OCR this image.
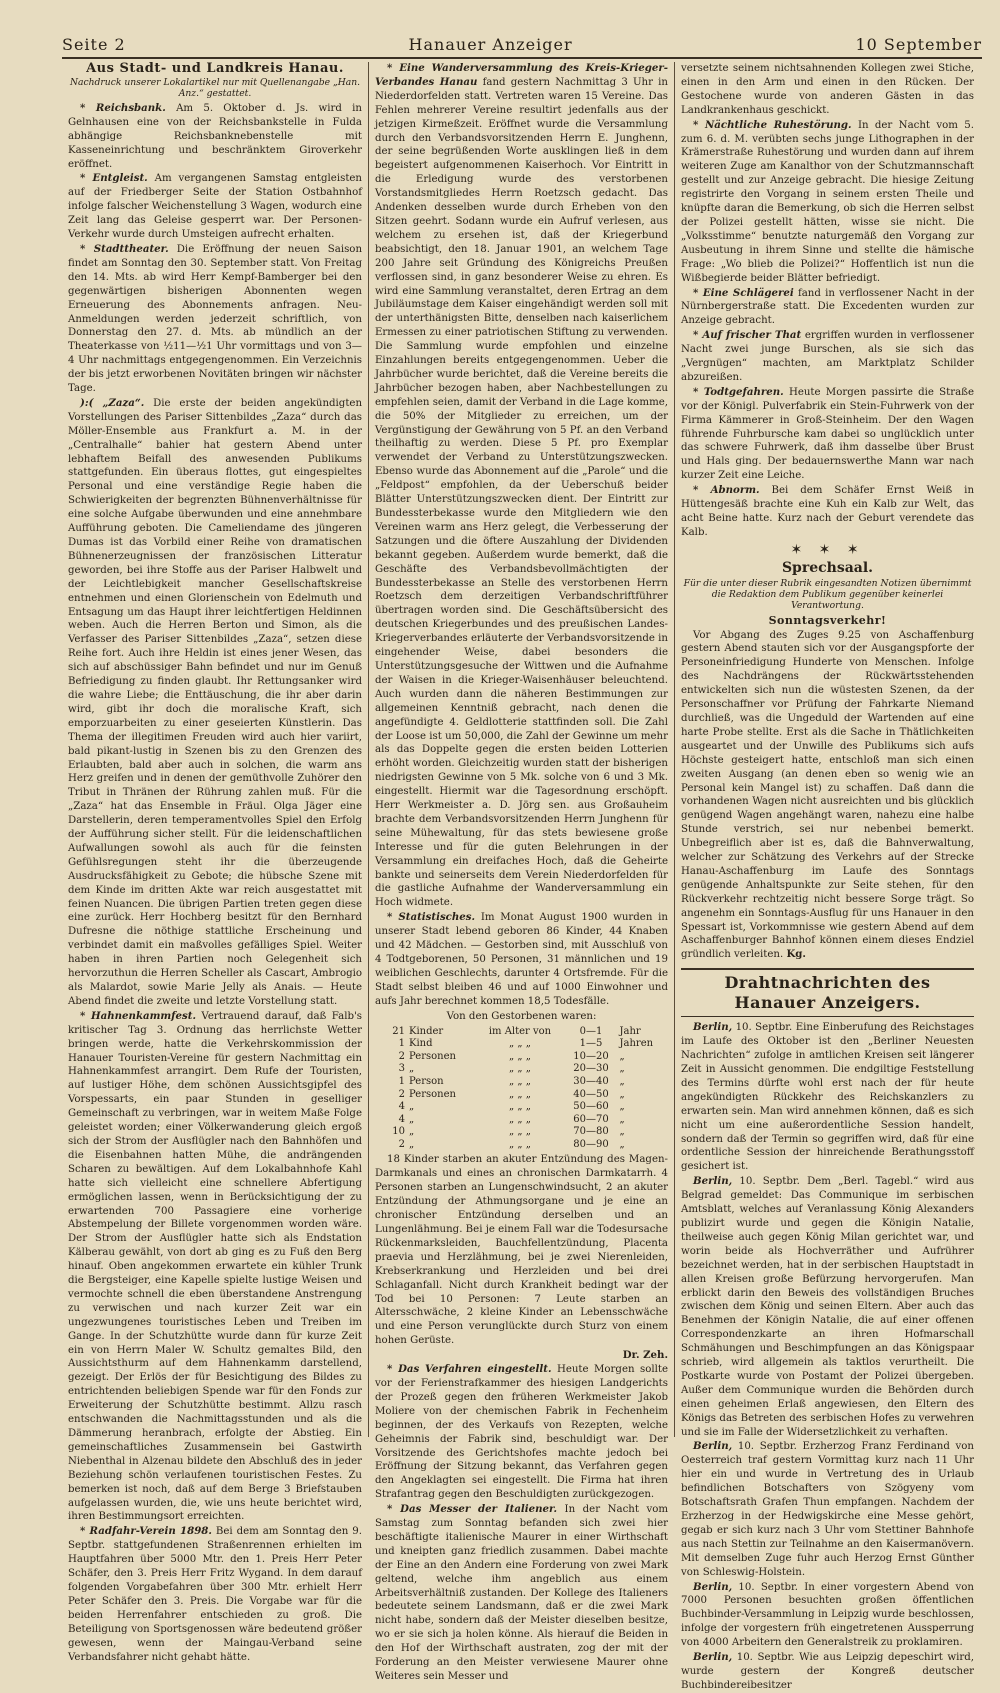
Seite 2	Hanauer Anzeiger	10 September
Aus Stadt- und Landkreis Hanau.
Nachdruck unserer Lokalartikel nur mit Quellenangabe „Han. Anz.“ gestattet.

* Reichsbank. Am 5. Oktober d. Js. wird in Gelnhausen eine von der Reichsbankstelle in Fulda abhängige Reichsbanknebenstelle mit Kasseneinrichtung und beschränktem Giroverkehr eröffnet.

* Entgleist. Am vergangenen Samstag entgleisten auf der Friedberger Seite der Station Ostbahnhof infolge falscher Weichenstellung 3 Wagen, wodurch eine Zeit lang das Geleise gesperrt war. Der Personen-Verkehr wurde durch Umsteigen aufrecht erhalten.

* Stadttheater. Die Eröffnung der neuen Saison findet am Sonntag den 30. September statt. Von Freitag den 14. Mts. ab wird Herr Kempf-Bamberger bei den gegenwärtigen bisherigen Abonnenten wegen Erneuerung des Abonnements anfragen. Neu-Anmeldungen werden jederzeit schriftlich, von Donnerstag den 27. d. Mts. ab mündlich an der Theaterkasse von ½11—½1 Uhr vormittags und von 3—4 Uhr nachmittags entgegengenommen. Ein Verzeichnis der bis jetzt erworbenen Novitäten bringen wir nächster Tage.

):( „Zaza“. Die erste der beiden angekündigten Vorstellungen des Pariser Sittenbildes „Zaza“ durch das Möller-Ensemble aus Frankfurt a. M. in der „Centralhalle“ bahier hat gestern Abend unter lebhaftem Beifall des anwesenden Publikums stattgefunden. Ein überaus flottes, gut eingespieltes Personal und eine verständige Regie haben die Schwierigkeiten der begrenzten Bühnenverhältnisse für eine solche Aufgabe überwunden und eine annehmbare Aufführung geboten. Die Cameliendame des jüngeren Dumas ist das Vorbild einer Reihe von dramatischen Bühnenerzeugnissen der französischen Litteratur geworden, bei ihre Stoffe aus der Pariser Halbwelt und der Leichtlebigkeit mancher Gesellschaftskreise entnehmen und einen Glorienschein von Edelmuth und Entsagung um das Haupt ihrer leichtfertigen Heldinnen weben. Auch die Herren Berton und Simon, als die Verfasser des Pariser Sittenbildes „Zaza“, setzen diese Reihe fort. Auch ihre Heldin ist eines jener Wesen, das sich auf abschüssiger Bahn befindet und nur im Genuß Befriedigung zu finden glaubt. Ihr Rettungsanker wird die wahre Liebe; die Enttäuschung, die ihr aber darin wird, gibt ihr doch die moralische Kraft, sich emporzuarbeiten zu einer geseierten Künstlerin. Das Thema der illegitimen Freuden wird auch hier variirt, bald pikant-lustig in Szenen bis zu den Grenzen des Erlaubten, bald aber auch in solchen, die warm ans Herz greifen und in denen der gemüthvolle Zuhörer den Tribut in Thränen der Rührung zahlen muß. Für die „Zaza“ hat das Ensemble in Fräul. Olga Jäger eine Darstellerin, deren temperamentvolles Spiel den Erfolg der Aufführung sicher stellt. Für die leidenschaftlichen Aufwallungen sowohl als auch für die feinsten Gefühlsregungen steht ihr die überzeugende Ausdrucksfähigkeit zu Gebote; die hübsche Szene mit dem Kinde im dritten Akte war reich ausgestattet mit feinen Nuancen. Die übrigen Partien treten gegen diese eine zurück. Herr Hochberg besitzt für den Bernhard Dufresne die nöthige stattliche Erscheinung und verbindet damit ein maßvolles gefälliges Spiel. Weiter haben in ihren Partien noch Gelegenheit sich hervorzuthun die Herren Scheller als Cascart, Ambrogio als Malardot, sowie Marie Jelly als Anais. — Heute Abend findet die zweite und letzte Vorstellung statt.

* Hahnenkammfest. Vertrauend darauf, daß Falb's kritischer Tag 3. Ordnung das herrlichste Wetter bringen werde, hatte die Verkehrskommission der Hanauer Touristen-Vereine für gestern Nachmittag ein Hahnenkammfest arrangirt. Dem Rufe der Touristen, auf lustiger Höhe, dem schönen Aussichtsgipfel des Vorspessarts, ein paar Stunden in geselliger Gemeinschaft zu verbringen, war in weitem Maße Folge geleistet worden; einer Völkerwanderung gleich ergoß sich der Strom der Ausflügler nach den Bahnhöfen und die Eisenbahnen hatten Mühe, die andrängenden Scharen zu bewältigen. Auf dem Lokalbahnhofe Kahl hatte sich vielleicht eine schnellere Abfertigung ermöglichen lassen, wenn in Berücksichtigung der zu erwartenden 700 Passagiere eine vorherige Abstempelung der Billete vorgenommen worden wäre. Der Strom der Ausflügler hatte sich als Endstation Kälberau gewählt, von dort ab ging es zu Fuß den Berg hinauf. Oben angekommen erwartete ein kühler Trunk die Bergsteiger, eine Kapelle spielte lustige Weisen und vermochte schnell die eben überstandene Anstrengung zu verwischen und nach kurzer Zeit war ein ungezwungenes touristisches Leben und Treiben im Gange. In der Schutzhütte wurde dann für kurze Zeit ein von Herrn Maler W. Schultz gemaltes Bild, den Aussichtsthurm auf dem Hahnenkamm darstellend, gezeigt. Der Erlös der für Besichtigung des Bildes zu entrichtenden beliebigen Spende war für den Fonds zur Erweiterung der Schutzhütte bestimmt. Allzu rasch entschwanden die Nachmittagsstunden und als die Dämmerung heranbrach, erfolgte der Abstieg. Ein gemeinschaftliches Zusammensein bei Gastwirth Niebenthal in Alzenau bildete den Abschluß des in jeder Beziehung schön verlaufenen touristischen Festes. Zu bemerken ist noch, daß auf dem Berge 3 Briefstauben aufgelassen wurden, die, wie uns heute berichtet wird, ihren Bestimmungsort erreichten.

* Radfahr-Verein 1898. Bei dem am Sonntag den 9. Septbr. stattgefundenen Straßenrennen erhielten im Hauptfahren über 5000 Mtr. den 1. Preis Herr Peter Schäfer, den 3. Preis Herr Fritz Wygand. In dem darauf folgenden Vorgabefahren über 300 Mtr. erhielt Herr Peter Schäfer den 3. Preis. Die Vorgabe war für die beiden Herrenfahrer entschieden zu groß. Die Beteiligung von Sportsgenossen wäre bedeutend größer gewesen, wenn der Maingau-Verband seine Verbandsfahrer nicht gehabt hätte.

* Eine Wanderversammlung des Kreis-Krieger-Verbandes Hanau fand gestern Nachmittag 3 Uhr in Niederdorfelden statt. Vertreten waren 15 Vereine. Das Fehlen mehrerer Vereine resultirt jedenfalls aus der jetzigen Kirmeßzeit. Eröffnet wurde die Versammlung durch den Verbandsvorsitzenden Herrn E. Junghenn, der seine begrüßenden Worte ausklingen ließ in dem begeistert aufgenommenen Kaiserhoch. Vor Eintritt in die Erledigung wurde des verstorbenen Vorstandsmitgliedes Herrn Roetzsch gedacht. Das Andenken desselben wurde durch Erheben von den Sitzen geehrt. Sodann wurde ein Aufruf verlesen, aus welchem zu ersehen ist, daß der Kriegerbund beabsichtigt, den 18. Januar 1901, an welchem Tage 200 Jahre seit Gründung des Königreichs Preußen verflossen sind, in ganz besonderer Weise zu ehren. Es wird eine Sammlung veranstaltet, deren Ertrag an dem Jubiläumstage dem Kaiser eingehändigt werden soll mit der unterthänigsten Bitte, denselben nach kaiserlichem Ermessen zu einer patriotischen Stiftung zu verwenden. Die Sammlung wurde empfohlen und einzelne Einzahlungen bereits entgegengenommen. Ueber die Jahrbücher wurde berichtet, daß die Vereine bereits die Jahrbücher bezogen haben, aber Nachbestellungen zu empfehlen seien, damit der Verband in die Lage komme, die 50% der Mitglieder zu erreichen, um der Vergünstigung der Gewährung von 5 Pf. an den Verband theilhaftig zu werden. Diese 5 Pf. pro Exemplar verwendet der Verband zu Unterstützungszwecken. Ebenso wurde das Abonnement auf die „Parole“ und die „Feldpost“ empfohlen, da der Ueberschuß beider Blätter Unterstützungszwecken dient. Der Eintritt zur Bundessterbekasse wurde den Mitgliedern wie den Vereinen warm ans Herz gelegt, die Verbesserung der Satzungen und die öftere Auszahlung der Dividenden bekannt gegeben. Außerdem wurde bemerkt, daß die Geschäfte des Verbandsbevollmächtigten der Bundessterbekasse an Stelle des verstorbenen Herrn Roetzsch dem derzeitigen Verbandschriftführer übertragen worden sind. Die Geschäftsübersicht des deutschen Kriegerbundes und des preußischen Landes-Kriegerverbandes erläuterte der Verbandsvorsitzende in eingehender Weise, dabei besonders die Unterstützungsgesuche der Wittwen und die Aufnahme der Waisen in die Krieger-Waisenhäuser beleuchtend. Auch wurden dann die näheren Bestimmungen zur allgemeinen Kenntniß gebracht, nach denen die angefündigte 4. Geldlotterie stattfinden soll. Die Zahl der Loose ist um 50,000, die Zahl der Gewinne um mehr als das Doppelte gegen die ersten beiden Lotterien erhöht worden. Gleichzeitig wurden statt der bisherigen niedrigsten Gewinne von 5 Mk. solche von 6 und 3 Mk. eingestellt. Hiermit war die Tagesordnung erschöpft. Herr Werkmeister a. D. Jörg sen. aus Großauheim brachte dem Verbandsvorsitzenden Herrn Junghenn für seine Mühewaltung, für das stets bewiesene große Interesse und für die guten Belehrungen in der Versammlung ein dreifaches Hoch, daß die Geheirte bankte und seinerseits dem Verein Niederdorfelden für die gastliche Aufnahme der Wanderversammlung ein Hoch widmete.

* Statistisches. Im Monat August 1900 wurden in unserer Stadt lebend geboren 86 Kinder, 44 Knaben und 42 Mädchen. — Gestorben sind, mit Ausschluß von 4 Todtgeborenen, 50 Personen, 31 männlichen und 19 weiblichen Geschlechts, darunter 4 Ortsfremde. Für die Stadt selbst bleiben 46 und auf 1000 Einwohner und aufs Jahr berechnet kommen 18,5 Todesfälle.

Von den Gestorbenen waren:
21	Kinder	im Alter von	0—1	Jahr
1	Kind	„ „ „	1—5	Jahren
2	Personen	„ „ „	10—20	„
3	„	„ „ „	20—30	„
1	Person	„ „ „	30—40	„
2	Personen	„ „ „	40—50	„
4	„	„ „ „	50—60	„
4	„	„ „ „	60—70	„
10	„	„ „ „	70—80	„
2	„	„ „ „	80—90	„

18 Kinder starben an akuter Entzündung des Magen-Darmkanals und eines an chronischen Darmkatarrh. 4 Personen starben an Lungenschwindsucht, 2 an akuter Entzündung der Athmungsorgane und je eine an chronischer Entzündung derselben und an Lungenlähmung. Bei je einem Fall war die Todesursache Rückenmarksleiden, Bauchfellentzündung, Placenta praevia und Herzlähmung, bei je zwei Nierenleiden, Krebserkrankung und Herzleiden und bei drei Schlaganfall. Nicht durch Krankheit bedingt war der Tod bei 10 Personen: 7 Leute starben an Altersschwäche, 2 kleine Kinder an Lebensschwäche und eine Person verunglückte durch Sturz von einem hohen Gerüste.

Dr. Zeh.

* Das Verfahren eingestellt. Heute Morgen sollte vor der Ferienstrafkammer des hiesigen Landgerichts der Prozeß gegen den früheren Werkmeister Jakob Moliere von der chemischen Fabrik in Fechenheim beginnen, der des Verkaufs von Rezepten, welche Geheimnis der Fabrik sind, beschuldigt war. Der Vorsitzende des Gerichtshofes machte jedoch bei Eröffnung der Sitzung bekannt, das Verfahren gegen den Angeklagten sei eingestellt. Die Firma hat ihren Strafantrag gegen den Beschuldigten zurückgezogen.

* Das Messer der Italiener. In der Nacht vom Samstag zum Sonntag befanden sich zwei hier beschäftigte italienische Maurer in einer Wirthschaft und kneipten ganz friedlich zusammen. Dabei machte der Eine an den Andern eine Forderung von zwei Mark geltend, welche ihm angeblich aus einem Arbeitsverhältniß zustanden. Der Kollege des Italieners bedeutete seinem Landsmann, daß er die zwei Mark nicht habe, sondern daß der Meister dieselben besitze, wo er sie sich ja holen könne. Als hierauf die Beiden in den Hof der Wirthschaft austraten, zog der mit der Forderung an den Meister verwiesene Maurer ohne Weiteres sein Messer und

versetzte seinem nichtsahnenden Kollegen zwei Stiche, einen in den Arm und einen in den Rücken. Der Gestochene wurde von anderen Gästen in das Landkrankenhaus geschickt.

* Nächtliche Ruhestörung. In der Nacht vom 5. zum 6. d. M. verübten sechs junge Lithographen in der Krämerstraße Ruhestörung und wurden dann auf ihrem weiteren Zuge am Kanalthor von der Schutzmannschaft gestellt und zur Anzeige gebracht. Die hiesige Zeitung registrirte den Vorgang in seinem ersten Theile und knüpfte daran die Bemerkung, ob sich die Herren selbst der Polizei gestellt hätten, wisse sie nicht. Die „Volksstimme“ benutzte naturgemäß den Vorgang zur Ausbeutung in ihrem Sinne und stellte die hämische Frage: „Wo blieb die Polizei?“ Hoffentlich ist nun die Wißbegierde beider Blätter befriedigt.

* Eine Schlägerei fand in verflossener Nacht in der Nürnbergerstraße statt. Die Excedenten wurden zur Anzeige gebracht.

* Auf frischer That ergriffen wurden in verflossener Nacht zwei junge Burschen, als sie sich das „Vergnügen“ machten, am Marktplatz Schilder abzureißen.

* Todtgefahren. Heute Morgen passirte die Straße vor der Königl. Pulverfabrik ein Stein-Fuhrwerk von der Firma Kämmerer in Groß-Steinheim. Der den Wagen führende Fuhrbursche kam dabei so unglücklich unter das schwere Fuhrwerk, daß ihm dasselbe über Brust und Hals ging. Der bedauernswerthe Mann war nach kurzer Zeit eine Leiche.

* Abnorm. Bei dem Schäfer Ernst Weiß in Hüttengesäß brachte eine Kuh ein Kalb zur Welt, das acht Beine hatte. Kurz nach der Geburt verendete das Kalb.

✶ ✶ ✶
Sprechsaal.
Für die unter dieser Rubrik eingesandten Notizen übernimmt die Redaktion dem Publikum gegenüber keinerlei Verantwortung.
Sonntagsverkehr!

Vor Abgang des Zuges 9.25 von Aschaffenburg gestern Abend stauten sich vor der Ausgangspforte der Personeinfriedigung Hunderte von Menschen. Infolge des Nachdrängens der Rückwärtsstehenden entwickelten sich nun die wüstesten Szenen, da der Personschaffner vor Prüfung der Fahrkarte Niemand durchließ, was die Ungeduld der Wartenden auf eine harte Probe stellte. Erst als die Sache in Thätlichkeiten ausgeartet und der Unwille des Publikums sich aufs Höchste gesteigert hatte, entschloß man sich einen zweiten Ausgang (an denen eben so wenig wie an Personal kein Mangel ist) zu schaffen. Daß dann die vorhandenen Wagen nicht ausreichten und bis glücklich genügend Wagen angehängt waren, nahezu eine halbe Stunde verstrich, sei nur nebenbei bemerkt. Unbegreiflich aber ist es, daß die Bahnverwaltung, welcher zur Schätzung des Verkehrs auf der Strecke Hanau-Aschaffenburg im Laufe des Sonntags genügende Anhaltspunkte zur Seite stehen, für den Rückverkehr rechtzeitig nicht bessere Sorge trägt. So angenehm ein Sonntags-Ausflug für uns Hanauer in den Spessart ist, Vorkommnisse wie gestern Abend auf dem Aschaffenburger Bahnhof können einem dieses Endziel gründlich verleiten. Kg.

Drahtnachrichten des Hanauer Anzeigers.

Berlin, 10. Septbr. Eine Einberufung des Reichstages im Laufe des Oktober ist den „Berliner Neuesten Nachrichten“ zufolge in amtlichen Kreisen seit längerer Zeit in Aussicht genommen. Die endgiltige Feststellung des Termins dürfte wohl erst nach der für heute angekündigten Rückkehr des Reichskanzlers zu erwarten sein. Man wird annehmen können, daß es sich nicht um eine außerordentliche Session handelt, sondern daß der Termin so gegriffen wird, daß für eine ordentliche Session der hinreichende Berathungsstoff gesichert ist.

Berlin, 10. Septbr. Dem „Berl. Tagebl.“ wird aus Belgrad gemeldet: Das Communique im serbischen Amtsblatt, welches auf Veranlassung König Alexanders publizirt wurde und gegen die Königin Natalie, theilweise auch gegen König Milan gerichtet war, und worin beide als Hochverräther und Aufrührer bezeichnet werden, hat in der serbischen Hauptstadt in allen Kreisen große Befürzung hervorgerufen. Man erblickt darin den Beweis des vollständigen Bruches zwischen dem König und seinen Eltern. Aber auch das Benehmen der Königin Natalie, die auf einer offenen Correspondenzkarte an ihren Hofmarschall Schmähungen und Beschimpfungen an das Königspaar schrieb, wird allgemein als taktlos verurtheilt. Die Postkarte wurde von Postamt der Polizei übergeben. Außer dem Communique wurden die Behörden durch einen geheimen Erlaß angewiesen, den Eltern des Königs das Betreten des serbischen Hofes zu verwehren und sie im Falle der Widersetzlichkeit zu verhaften.

Berlin, 10. Septbr. Erzherzog Franz Ferdinand von Oesterreich traf gestern Vormittag kurz nach 11 Uhr hier ein und wurde in Vertretung des in Urlaub befindlichen Botschafters von Szögyeny vom Botschaftsrath Grafen Thun empfangen. Nachdem der Erzherzog in der Hedwigskirche eine Messe gehört, gegab er sich kurz nach 3 Uhr vom Stettiner Bahnhofe aus nach Stettin zur Teilnahme an den Kaisermanövern. Mit demselben Zuge fuhr auch Herzog Ernst Günther von Schleswig-Holstein.

Berlin, 10. Septbr. In einer vorgestern Abend von 7000 Personen besuchten großen öffentlichen Buchbinder-Versammlung in Leipzig wurde beschlossen, infolge der vorgestern früh eingetretenen Aussperrung von 4000 Arbeitern den Generalstreik zu proklamiren.

Berlin, 10. Septbr. Wie aus Leipzig depeschirt wird, wurde gestern der Kongreß deutscher Buchbindereibesitzer
